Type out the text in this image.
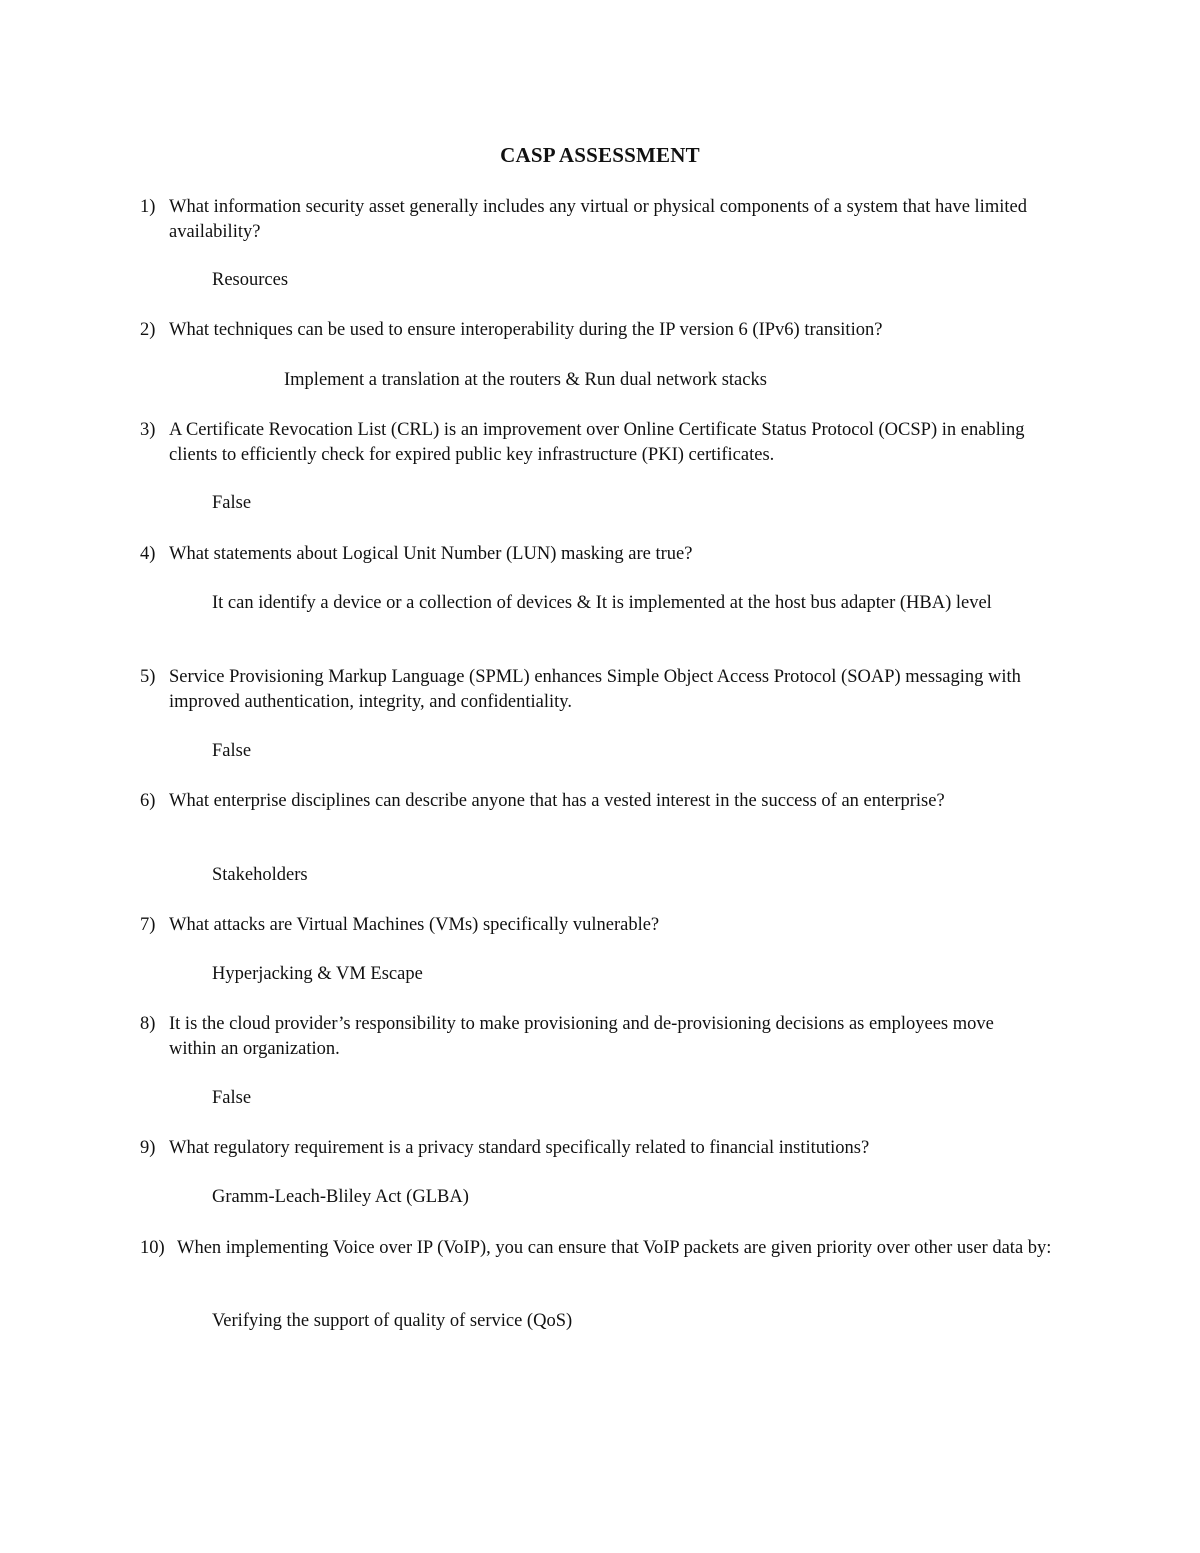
CASP ASSESSMENT
1) What information security asset generally includes any virtual or physical components of a system that have limited availability?
Resources
2) What techniques can be used to ensure interoperability during the IP version 6 (IPv6) transition?
Implement a translation at the routers & Run dual network stacks
3) A Certificate Revocation List (CRL) is an improvement over Online Certificate Status Protocol (OCSP) in enabling clients to efficiently check for expired public key infrastructure (PKI) certificates.
False
4) What statements about Logical Unit Number (LUN) masking are true?
It can identify a device or a collection of devices & It is implemented at the host bus adapter (HBA) level
5) Service Provisioning Markup Language (SPML) enhances Simple Object Access Protocol (SOAP) messaging with improved authentication, integrity, and confidentiality.
False
6) What enterprise disciplines can describe anyone that has a vested interest in the success of an enterprise?
Stakeholders
7) What attacks are Virtual Machines (VMs) specifically vulnerable?
Hyperjacking & VM Escape
8) It is the cloud provider’s responsibility to make provisioning and de-provisioning decisions as employees move within an organization.
False
9) What regulatory requirement is a privacy standard specifically related to financial institutions?
Gramm-Leach-Bliley Act (GLBA)
10) When implementing Voice over IP (VoIP), you can ensure that VoIP packets are given priority over other user data by:
Verifying the support of quality of service (QoS)
